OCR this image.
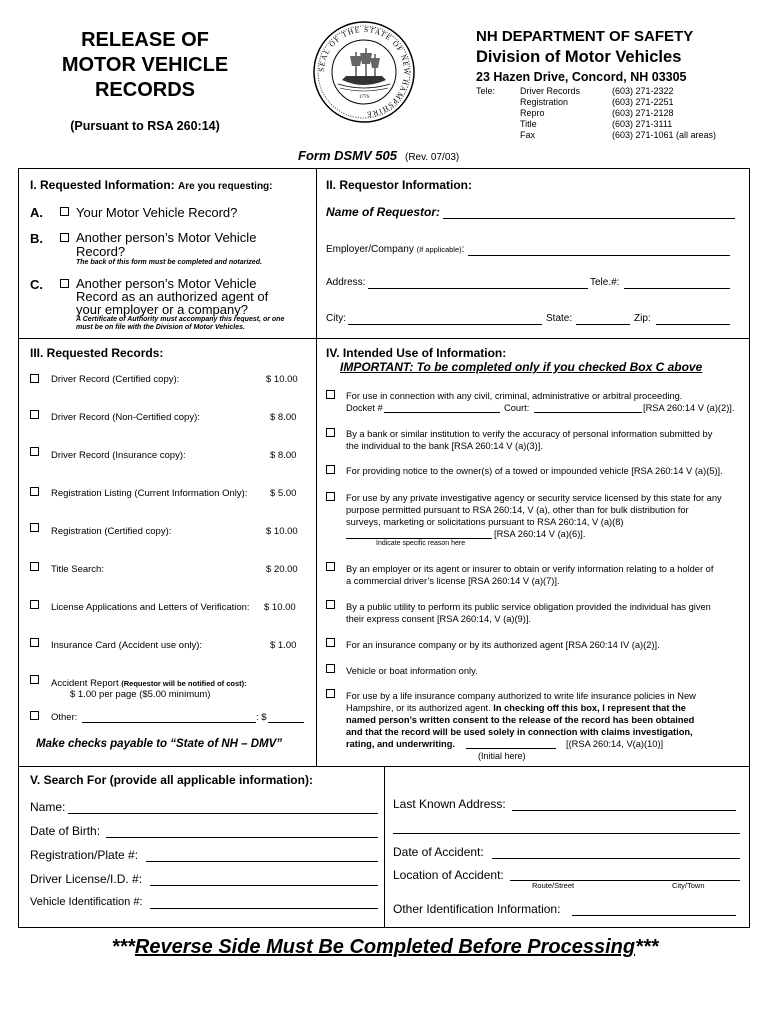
RELEASE OF
MOTOR VEHICLE
RECORDS
(Pursuant to RSA 260:14)
SEAL OF THE STATE OF NEW HAMPSHIRE
1776
NH DEPARTMENT OF SAFETY
Division of Motor Vehicles
23 Hazen Drive, Concord, NH 03305
Tele:	Driver Records	(603) 271-2322
Registration	(603) 271-2251
Repro	(603) 271-2128
Title	(603) 271-3111
Fax	(603) 271-1061 (all areas)
Form DSMV 505 (Rev. 07/03)
I. Requested Information: Are you requesting:
A.	Your Motor Vehicle Record?
B.	Another person’s Motor Vehicle
Record?
The back of this form must be completed and notarized.
C.	Another person’s Motor Vehicle
Record as an authorized agent of
your employer or a company?
A Certificate of Authority must accompany this request, or one
must be on file with the Division of Motor Vehicles.
II. Requestor Information:
Name of Requestor:
Employer/Company (If applicable):
Address:	Tele.#:
City:	State:	Zip:
III. Requested Records:
Driver Record (Certified copy):	$ 10.00
Driver Record (Non-Certified copy):	$ 8.00
Driver Record (Insurance copy):	$ 8.00
Registration Listing (Current Information Only): $ 5.00
Registration (Certified copy):	$ 10.00
Title Search:	$ 20.00
License Applications and Letters of Verification: $ 10.00
Insurance Card (Accident use only):	$ 1.00
Accident Report (Requestor will be notified of cost):
$ 1.00 per page ($5.00 minimum)
Other:	: $
Make checks payable to “State of NH – DMV”
IV. Intended Use of Information:
IMPORTANT: To be completed only if you checked Box C above
For use in connection with any civil, criminal, administrative or arbitral proceeding.
Docket #	Court:	[RSA 260:14 V (a)(2)].
By a bank or similar institution to verify the accuracy of personal information submitted by
the individual to the bank [RSA 260:14 V (a)(3)].
For providing notice to the owner(s) of a towed or impounded vehicle [RSA 260:14 V (a)(5)].
For use by any private investigative agency or security service licensed by this state for any
purpose permitted pursuant to RSA 260:14, V (a), other than for bulk distribution for
surveys, marketing or solicitations pursuant to RSA 260:14, V (a)(8)
[RSA 260:14 V (a)(6)].
Indicate specific reason here
By an employer or its agent or insurer to obtain or verify information relating to a holder of
a commercial driver’s license [RSA 260:14 V (a)(7)].
By a public utility to perform its public service obligation provided the individual has given
their express consent [RSA 260:14, V (a)(9)].
For an insurance company or by its authorized agent [RSA 260:14 IV (a)(2)].
Vehicle or boat information only.
For use by a life insurance company authorized to write life insurance policies in New
Hampshire, or its authorized agent. In checking off this box, I represent that the
named person’s written consent to the release of the record has been obtained
and that the record will be used solely in connection with claims investigation,
rating, and underwriting.	[(RSA 260:14, V(a)(10)]
(Initial here)
V. Search For (provide all applicable information):
Name:
Date of Birth:
Registration/Plate #:
Driver License/I.D. #:
Vehicle Identification #:
Last Known Address:
Date of Accident:
Location of Accident:
Route/Street	City/Town
Other Identification Information:
***Reverse Side Must Be Completed Before Processing***
